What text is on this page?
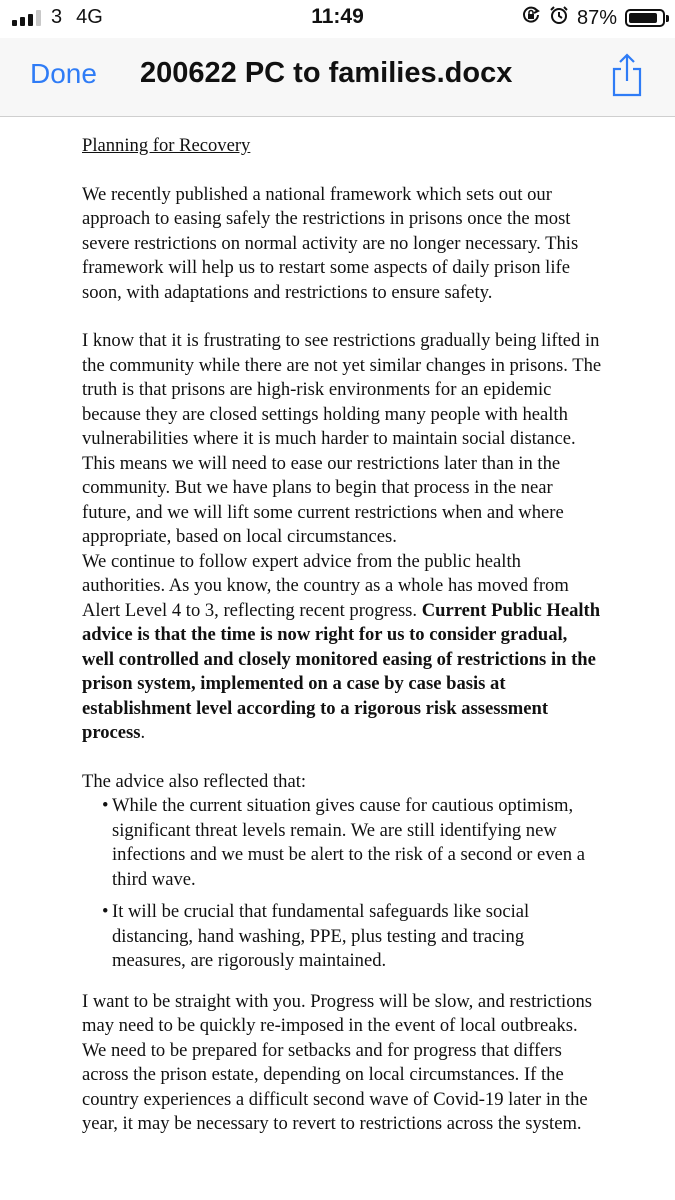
3 4G	11:49	87%
Done 200622 PC to families.docx

Planning for Recovery

We recently published a national framework which sets out our approach to easing safely the restrictions in prisons once the most severe restrictions on normal activity are no longer necessary. This framework will help us to restart some aspects of daily prison life soon, with adaptations and restrictions to ensure safety.

I know that it is frustrating to see restrictions gradually being lifted in the community while there are not yet similar changes in prisons. The truth is that prisons are high-risk environments for an epidemic because they are closed settings holding many people with health vulnerabilities where it is much harder to maintain social distance. This means we will need to ease our restrictions later than in the community. But we have plans to begin that process in the near future, and we will lift some current restrictions when and where appropriate, based on local circumstances.

We continue to follow expert advice from the public health authorities. As you know, the country as a whole has moved from Alert Level 4 to 3, reflecting recent progress. Current Public Health advice is that the time is now right for us to consider gradual, well controlled and closely monitored easing of restrictions in the prison system, implemented on a case by case basis at establishment level according to a rigorous risk assessment process.

The advice also reflected that:

• While the current situation gives cause for cautious optimism, significant threat levels remain. We are still identifying new infections and we must be alert to the risk of a second or even a third wave.
• It will be crucial that fundamental safeguards like social distancing, hand washing, PPE, plus testing and tracing measures, are rigorously maintained.

I want to be straight with you. Progress will be slow, and restrictions may need to be quickly re-imposed in the event of local outbreaks. We need to be prepared for setbacks and for progress that differs across the prison estate, depending on local circumstances. If the country experiences a difficult second wave of Covid-19 later in the year, it may be necessary to revert to restrictions across the system.
